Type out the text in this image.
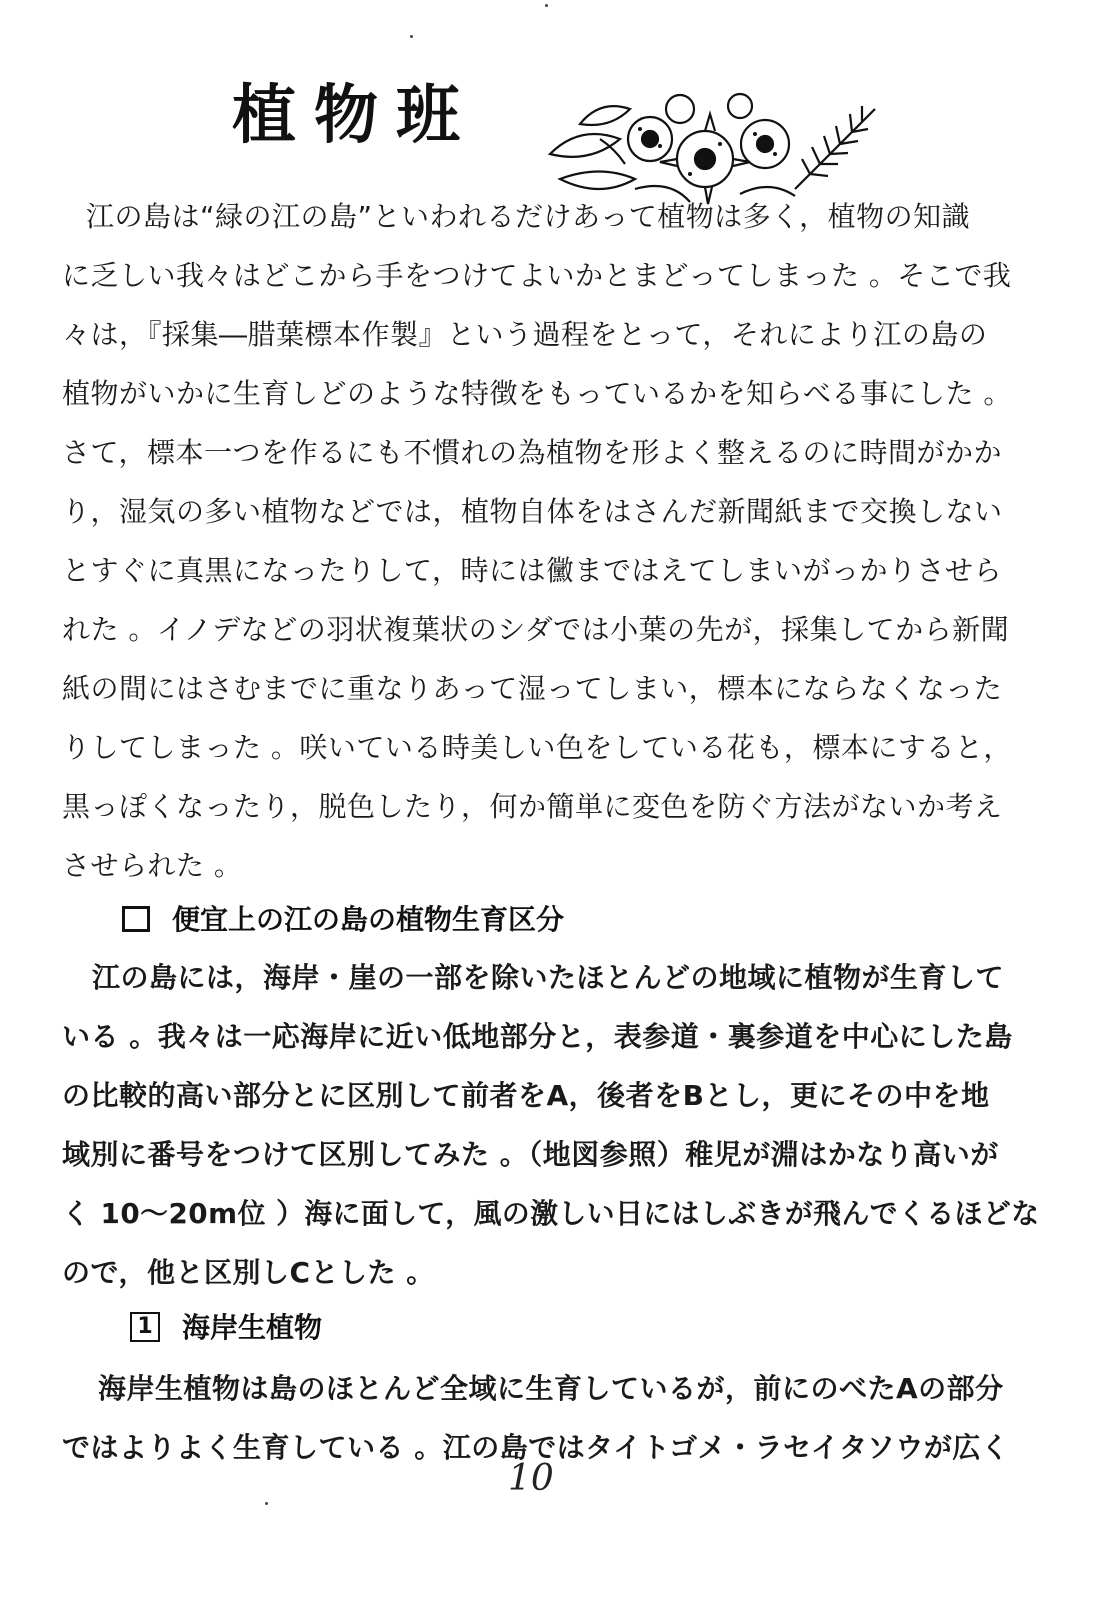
植物班
江の島は“緑の江の島”といわれるだけあって植物は多く，植物の知識
に乏しい我々はどこから手をつけてよいかとまどってしまった 。そこで我
々は，『採集―腊葉標本作製』という過程をとって，それにより江の島の
植物がいかに生育しどのような特徴をもっているかを知らべる事にした 。
さて，標本一つを作るにも不慣れの為植物を形よく整えるのに時間がかか
り，湿気の多い植物などでは，植物自体をはさんだ新聞紙まで交換しない
とすぐに真黒になったりして，時には黴まではえてしまいがっかりさせら
れた 。イノデなどの羽状複葉状のシダでは小葉の先が，採集してから新聞
紙の間にはさむまでに重なりあって湿ってしまい，標本にならなくなった
りしてしまった 。咲いている時美しい色をしている花も，標本にすると，
黒っぽくなったり，脱色したり，何か簡単に変色を防ぐ方法がないか考え
させられた 。
便宜上の江の島の植物生育区分
江の島には，海岸・崖の一部を除いたほとんどの地域に植物が生育して
いる 。我々は一応海岸に近い低地部分と，表参道・裏参道を中心にした島
の比較的高い部分とに区別して前者をA，後者をBとし，更にその中を地
域別に番号をつけて区別してみた 。（地図参照）稚児が淵はかなり高いが
く 10〜20m位 ）海に面して，風の激しい日にはしぶきが飛んでくるほどな
ので，他と区別しCとした 。
1 海岸生植物
海岸生植物は島のほとんど全域に生育しているが，前にのべたAの部分
ではよりよく生育している 。江の島ではタイトゴメ・ラセイタソウが広く
10
